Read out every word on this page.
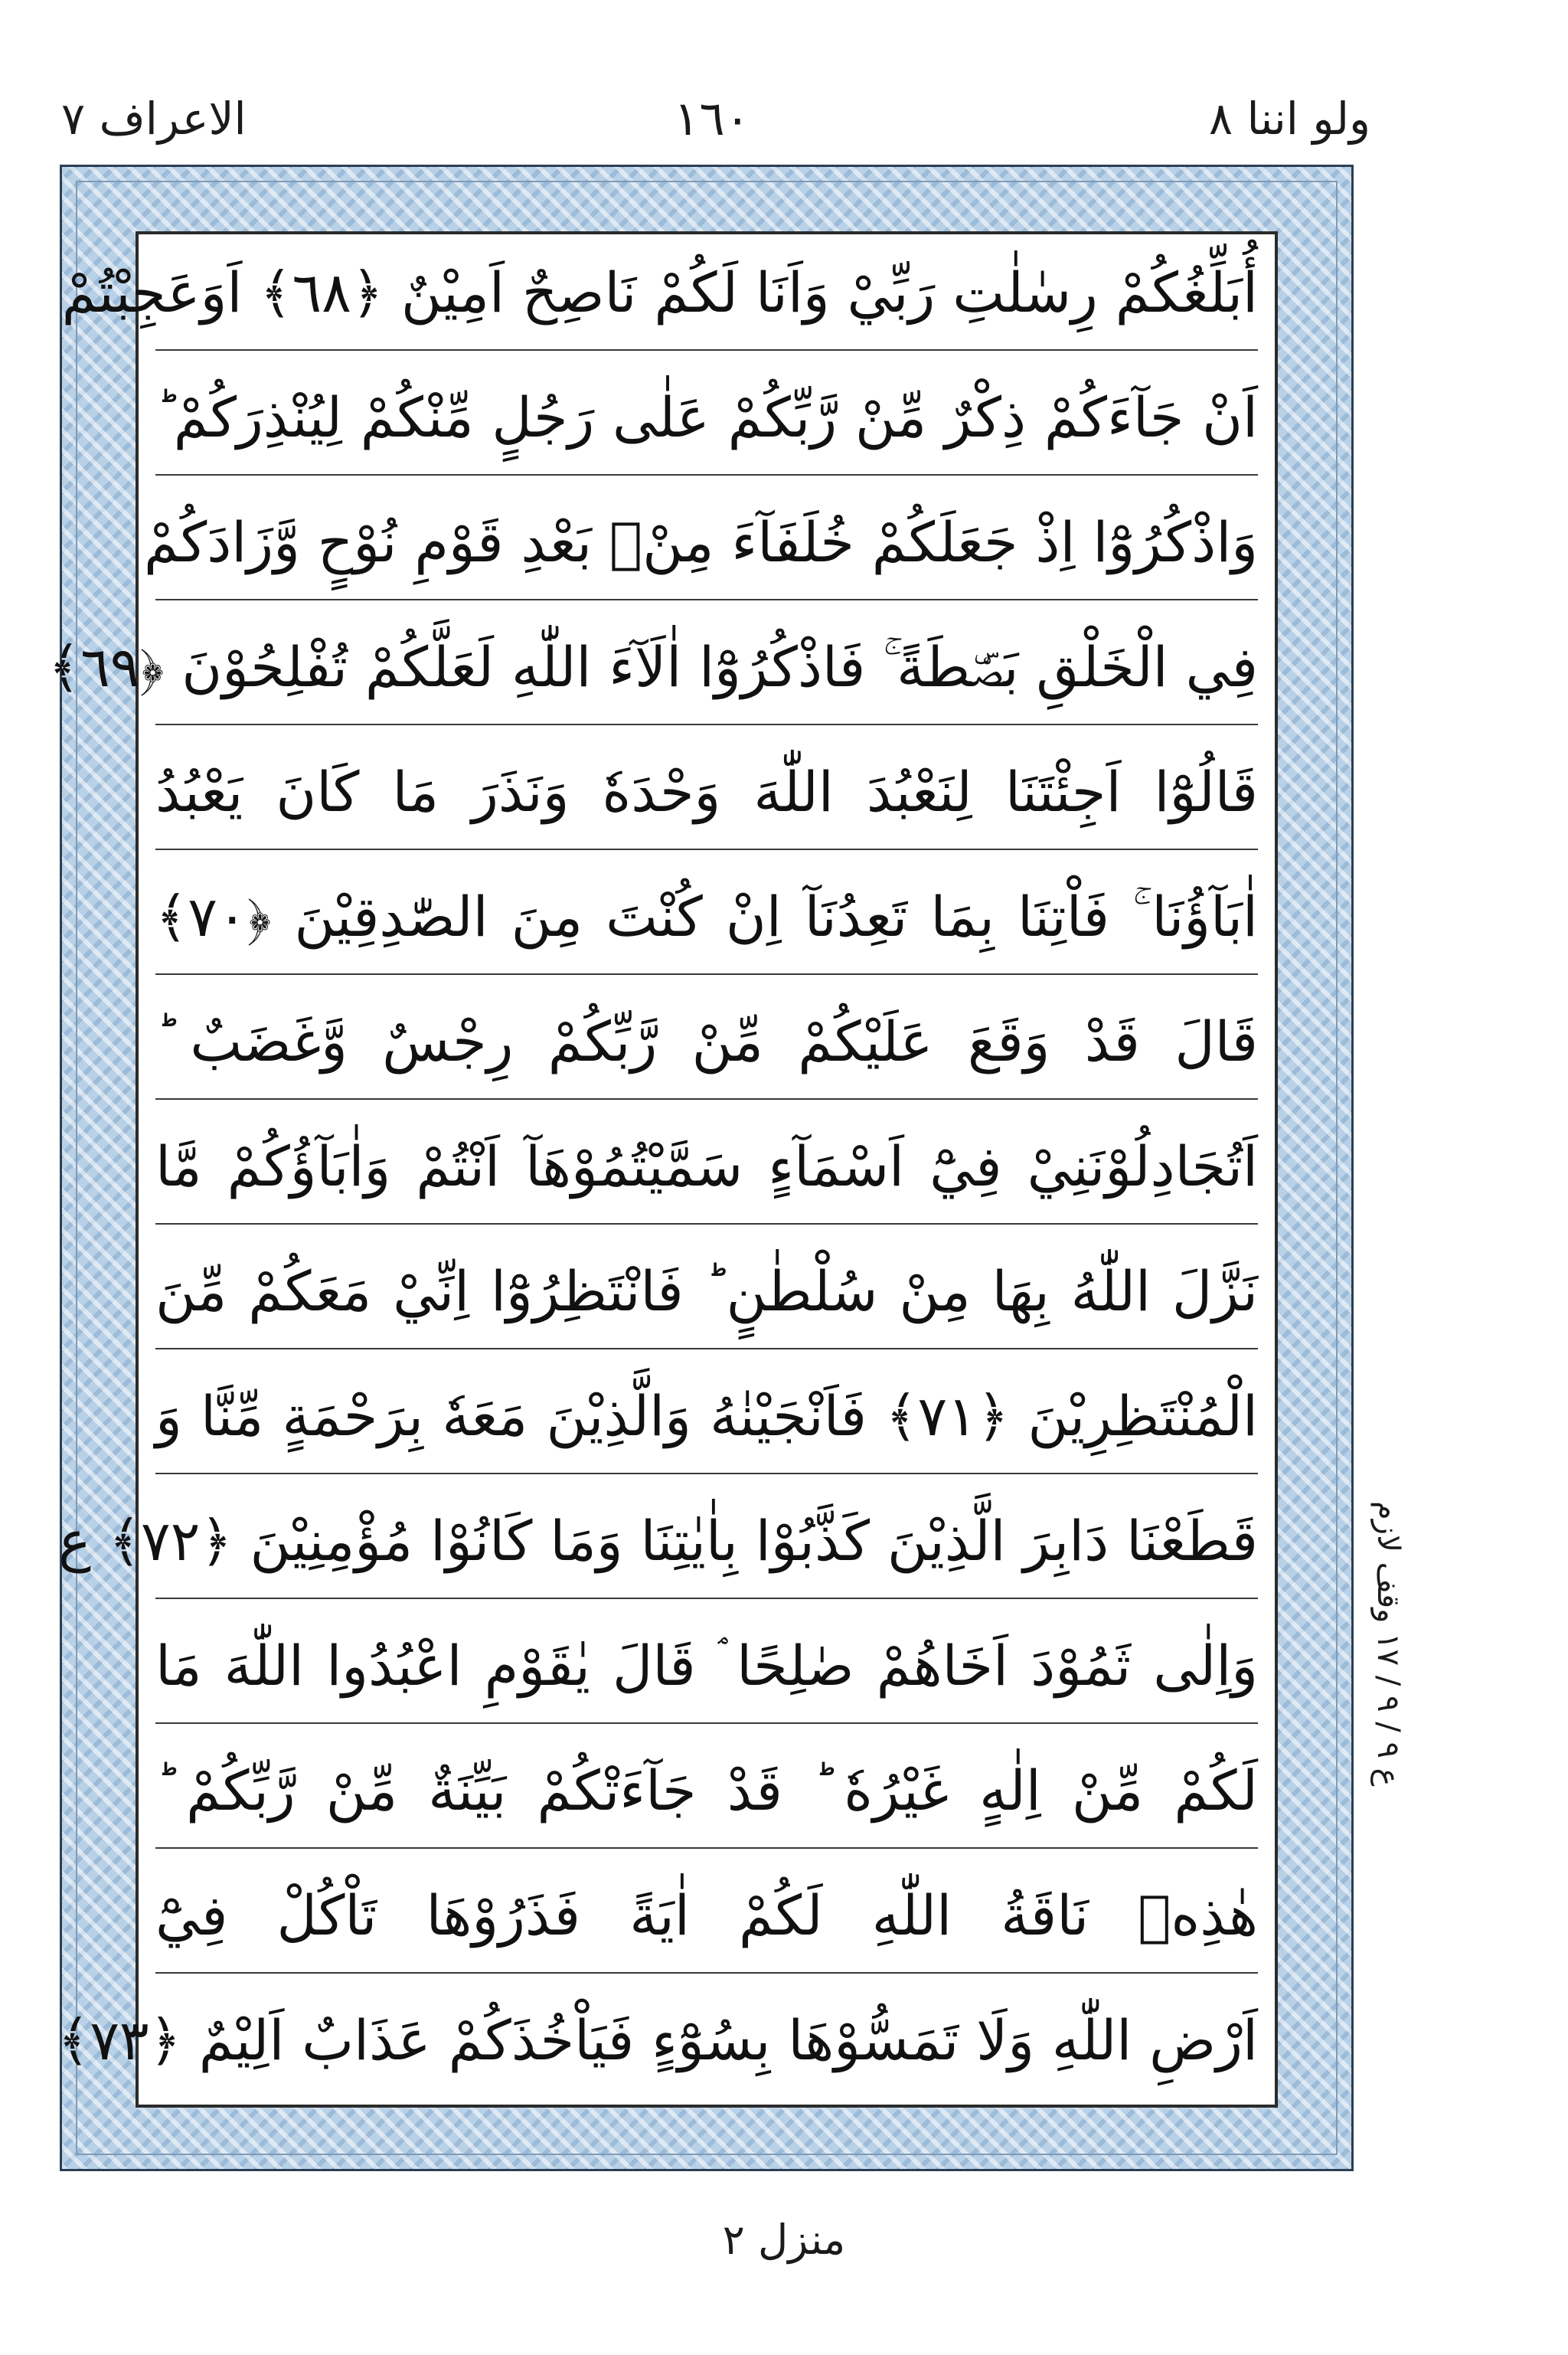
ولو اننا ٨
١٦٠
الاعراف ٧
أُبَلِّغُكُمْ رِسٰلٰتِ رَبِّيْ وَاَنَا لَكُمْ نَاصِحٌ اَمِيْنٌ ﴿٦٨﴾ اَوَعَجِبْتُمْ
اَنْ جَآءَكُمْ ذِكْرٌ مِّنْ رَّبِّكُمْ عَلٰى رَجُلٍ مِّنْكُمْ لِيُنْذِرَكُمْ ؕ
وَاذْكُرُوْٓا اِذْ جَعَلَكُمْ خُلَفَآءَ مِنْۢ بَعْدِ قَوْمِ نُوْحٍ وَّزَادَكُمْ
فِي الْخَلْقِ بَصْۜطَةً ۚ فَاذْكُرُوْٓا اٰلَآءَ اللّٰهِ لَعَلَّكُمْ تُفْلِحُوْنَ ﴿٦٩﴾
قَالُوْٓا اَجِئْتَنَا لِنَعْبُدَ اللّٰهَ وَحْدَهٗ وَنَذَرَ مَا كَانَ يَعْبُدُ
اٰبَآؤُنَا ۚ فَاْتِنَا بِمَا تَعِدُنَآ اِنْ كُنْتَ مِنَ الصّٰدِقِيْنَ ﴿٧٠﴾
قَالَ قَدْ وَقَعَ عَلَيْكُمْ مِّنْ رَّبِّكُمْ رِجْسٌ وَّغَضَبٌ ؕ
اَتُجَادِلُوْنَنِيْ فِيْٓ اَسْمَآءٍ سَمَّيْتُمُوْهَآ اَنْتُمْ وَاٰبَآؤُكُمْ مَّا
نَزَّلَ اللّٰهُ بِهَا مِنْ سُلْطٰنٍ ؕ فَانْتَظِرُوْٓا اِنِّيْ مَعَكُمْ مِّنَ
الْمُنْتَظِرِيْنَ ﴿٧١﴾ فَاَنْجَيْنٰهُ وَالَّذِيْنَ مَعَهٗ بِرَحْمَةٍ مِّنَّا وَ
قَطَعْنَا دَابِرَ الَّذِيْنَ كَذَّبُوْا بِاٰيٰتِنَا وَمَا كَانُوْا مُؤْمِنِيْنَ ﴿٧٢﴾ ع
وَاِلٰى ثَمُوْدَ اَخَاهُمْ صٰلِحًا ۘ قَالَ يٰقَوْمِ اعْبُدُوا اللّٰهَ مَا
لَكُمْ مِّنْ اِلٰهٍ غَيْرُهٗ ؕ قَدْ جَآءَتْكُمْ بَيِّنَةٌ مِّنْ رَّبِّكُمْ ؕ
هٰذِهٖ نَاقَةُ اللّٰهِ لَكُمْ اٰيَةً فَذَرُوْهَا تَاْكُلْ فِيْٓ
اَرْضِ اللّٰهِ وَلَا تَمَسُّوْهَا بِسُوْٓءٍ فَيَاْخُذَكُمْ عَذَابٌ اَلِيْمٌ ﴿٧٣﴾
ع ٩ / ٩ / ١٧ وقف لازم
منزل ٢
